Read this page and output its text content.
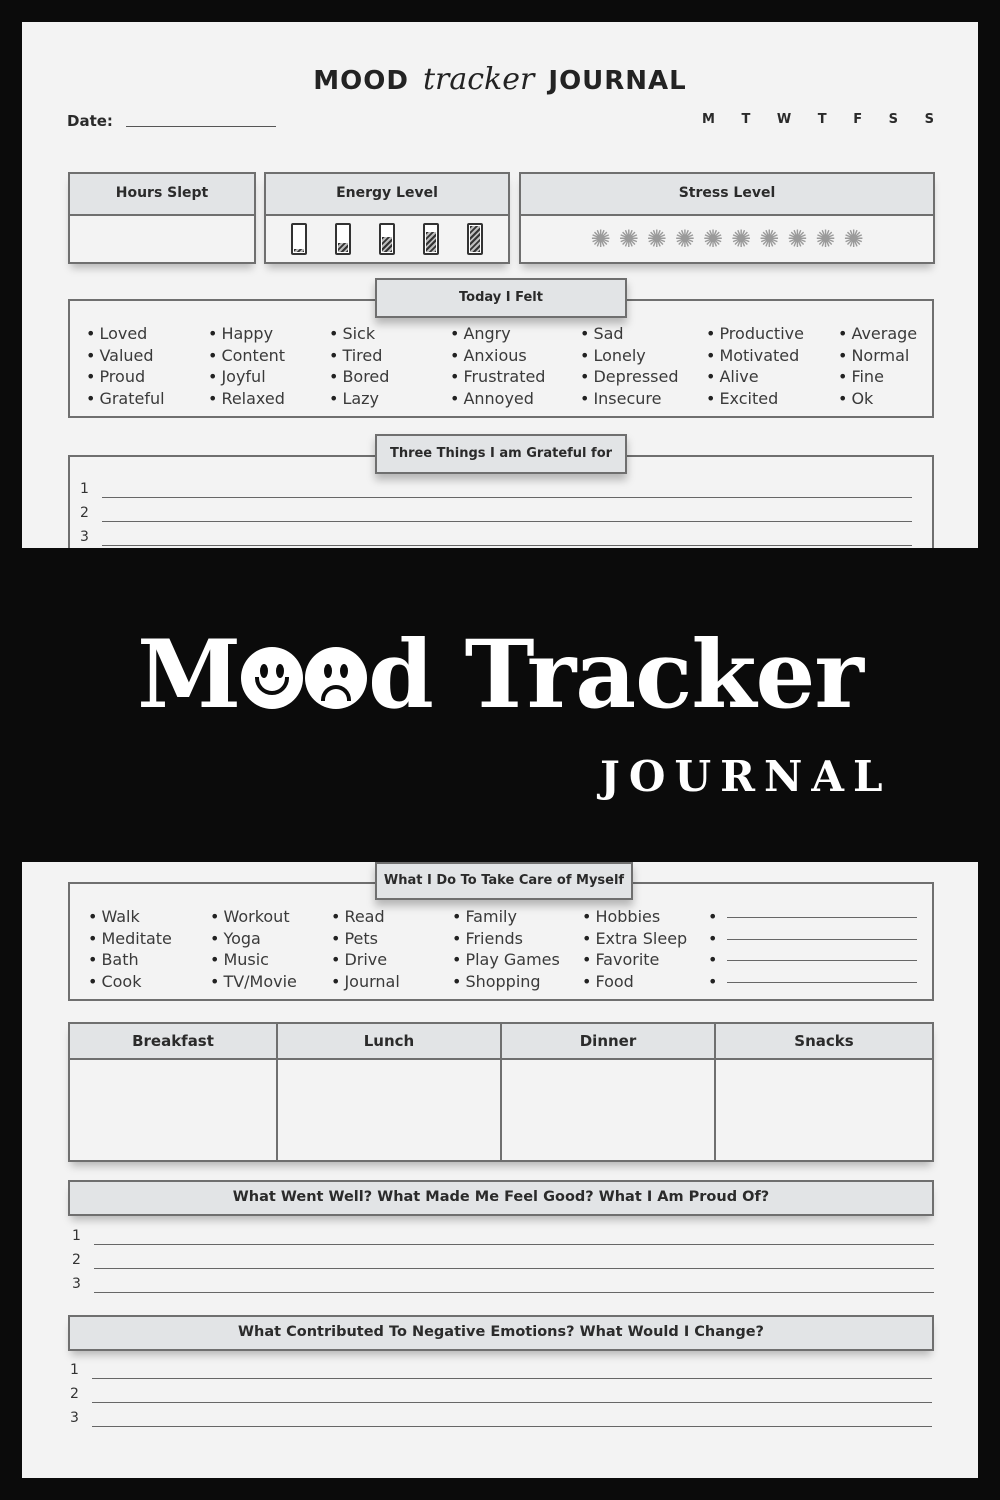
MOOD tracker JOURNAL
Date:	M T W T F S S
Hours Slept	Energy Level	Stress Level
✺ ✺ ✺ ✺ ✺ ✺ ✺ ✺ ✺ ✺
• Loved
• Valued
• Proud
• Grateful
• Happy
• Content
• Joyful
• Relaxed
• Sick
• Tired
• Bored
• Lazy
• Angry
• Anxious
• Frustrated
• Annoyed
• Sad
• Lonely
• Depressed
• Insecure
• Productive
• Motivated
• Alive
• Excited
• Average
• Normal
• Fine
• Ok
Today I Felt
1
2
3
Three Things I am Grateful for
M d Tracker
JOURNAL
• Walk
• Meditate
• Bath
• Cook
• Workout
• Yoga
• Music
• TV/Movie
• Read
• Pets
• Drive
• Journal
• Family
• Friends
• Play Games
• Shopping
• Hobbies
• Extra Sleep
• Favorite
• Food
•
•
•
•
What I Do To Take Care of Myself
Breakfast	Lunch	Dinner	Snacks
What Went Well? What Made Me Feel Good? What I Am Proud Of?
1
2
3
What Contributed To Negative Emotions? What Would I Change?
1
2
3
